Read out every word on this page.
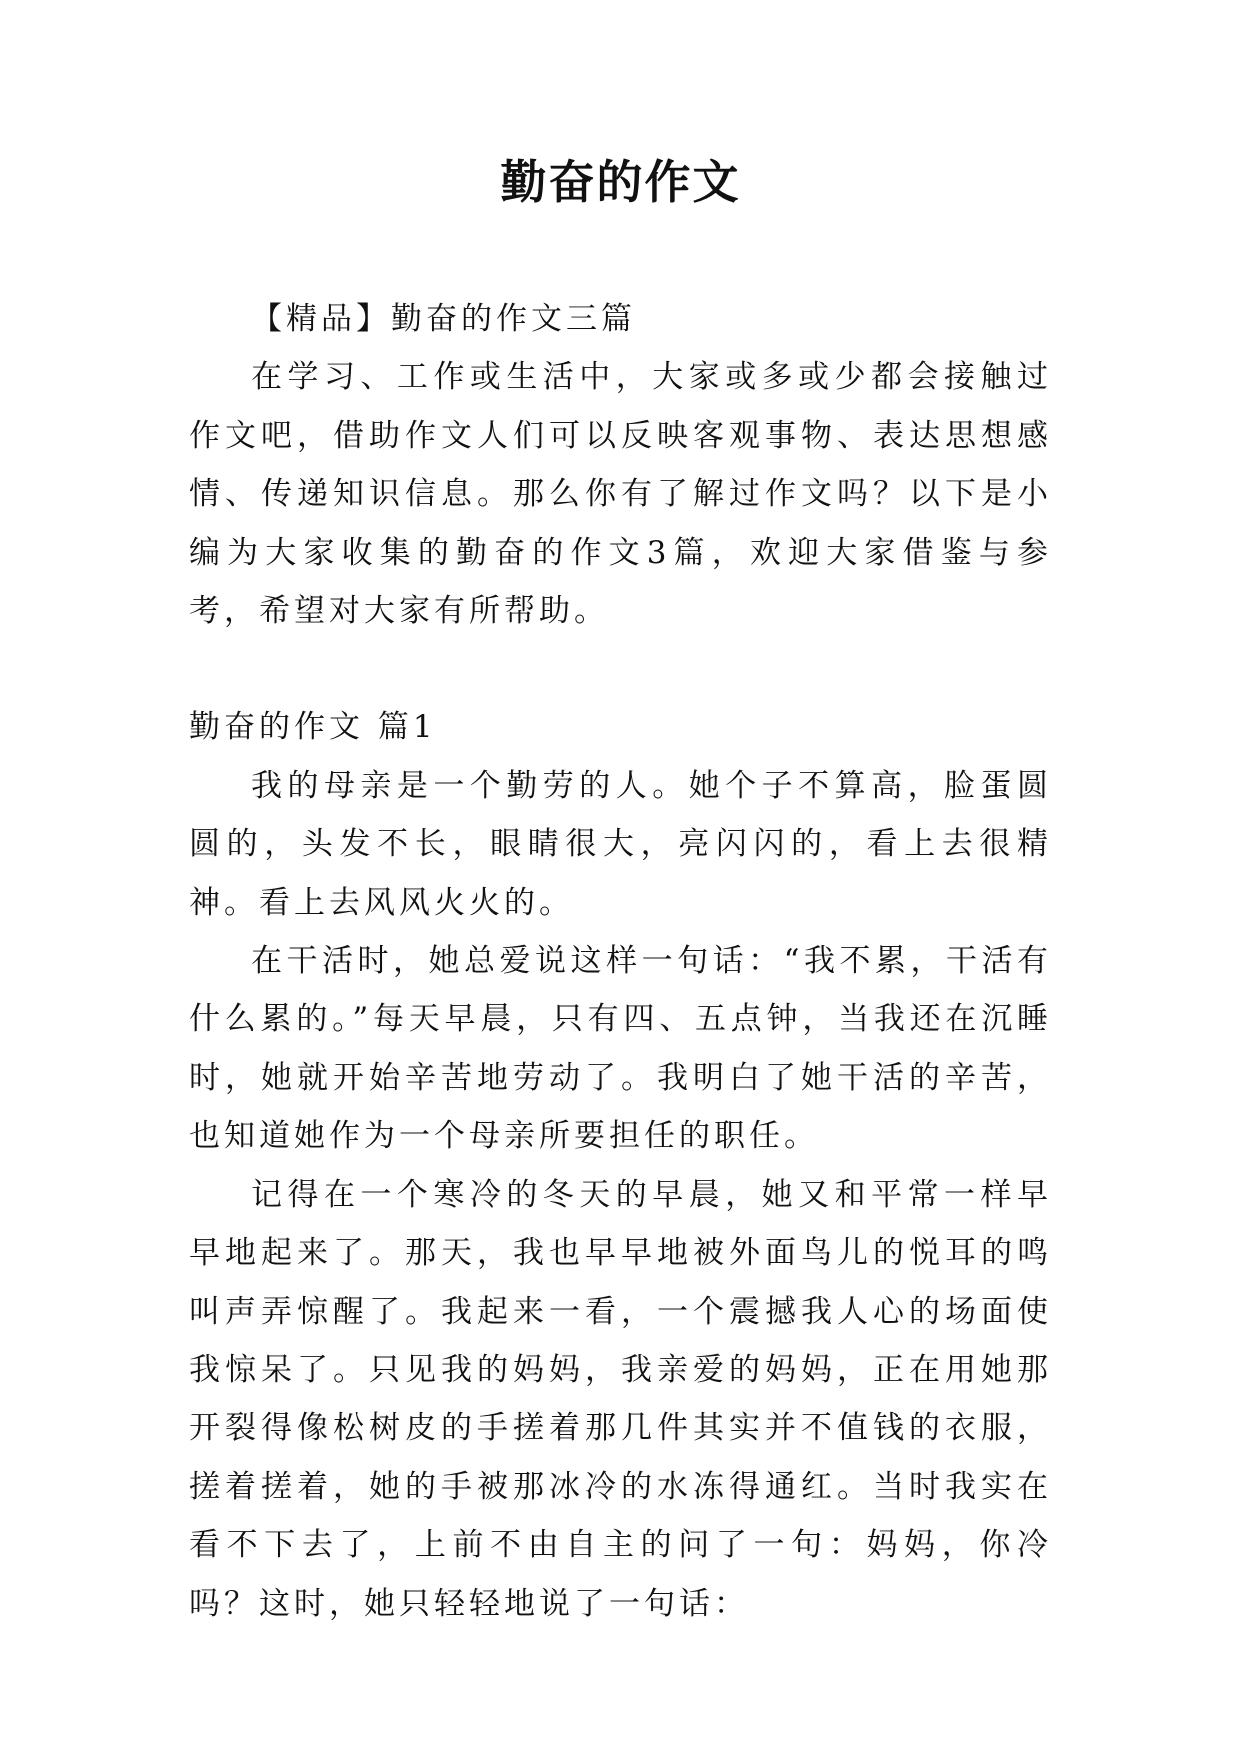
勤奋的作文

【精品】勤奋的作文三篇

在学习、工作或生活中，大家或多或少都会接触过作文吧，借助作文人们可以反映客观事物、表达思想感情、传递知识信息。那么你有了解过作文吗？以下是小编为大家收集的勤奋的作文3篇，欢迎大家借鉴与参考，希望对大家有所帮助。

勤奋的作文 篇1

我的母亲是一个勤劳的人。她个子不算高，脸蛋圆圆的，头发不长，眼睛很大，亮闪闪的，看上去很精神。看上去风风火火的。

在干活时，她总爱说这样一句话：“我不累，干活有什么累的。”每天早晨，只有四、五点钟，当我还在沉睡时，她就开始辛苦地劳动了。我明白了她干活的辛苦，也知道她作为一个母亲所要担任的职任。

记得在一个寒冷的冬天的早晨，她又和平常一样早早地起来了。那天，我也早早地被外面鸟儿的悦耳的鸣叫声弄惊醒了。我起来一看，一个震撼我人心的场面使我惊呆了。只见我的妈妈，我亲爱的妈妈，正在用她那开裂得像松树皮的手搓着那几件其实并不值钱的衣服，搓着搓着，她的手被那冰冷的水冻得通红。当时我实在看不下去了，上前不由自主的问了一句：妈妈，你冷吗？这时，她只轻轻地说了一句话：
